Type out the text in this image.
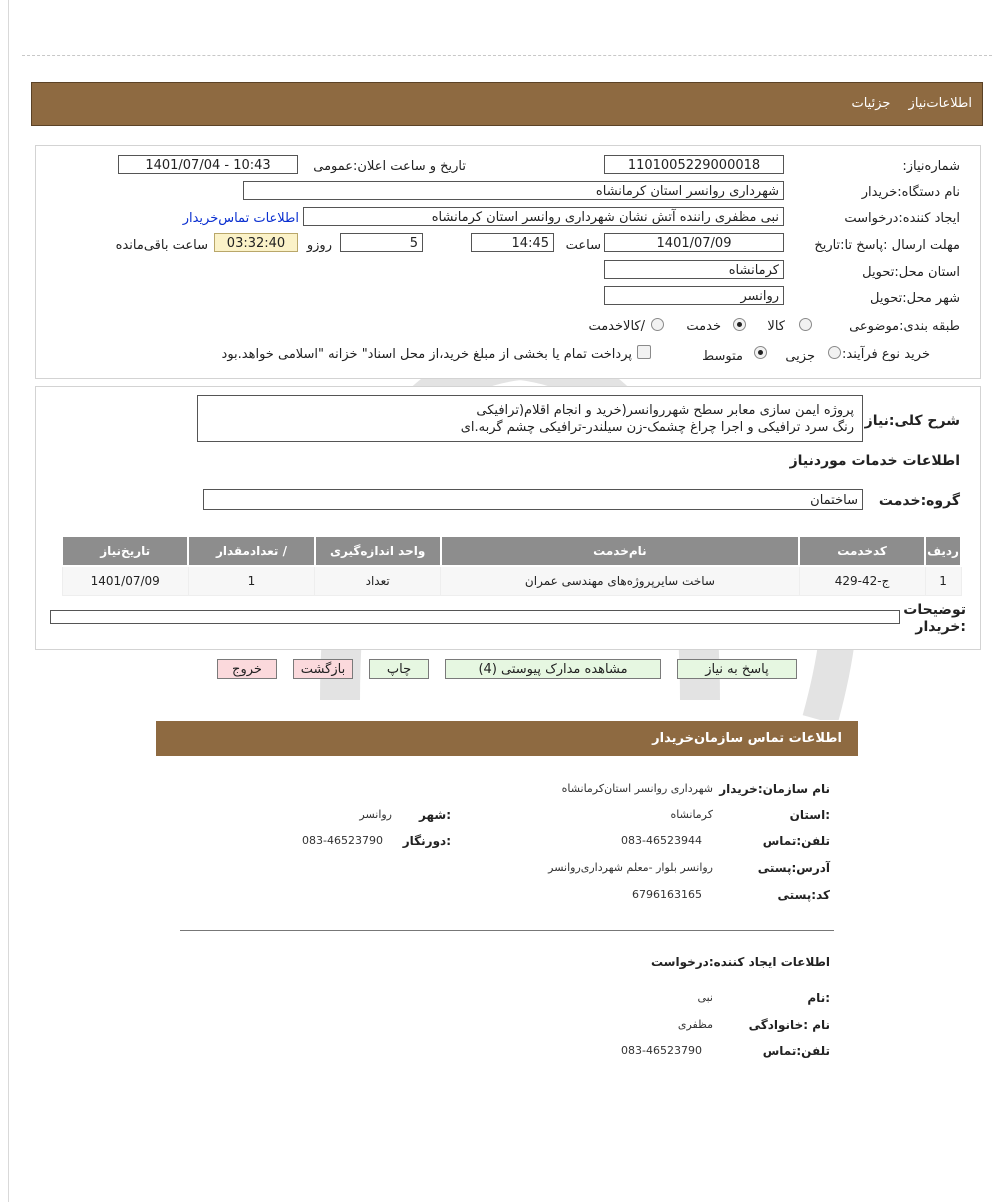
اطلاعات‌نیاز جزئیات
شماره‌نیاز:
1101005229000018
تاریخ و ساعت اعلان:عمومی
1401/07/04 - 10:43
نام دستگاه:خریدار
شهرداری روانسر استان کرمانشاه
ایجاد کننده:درخواست
نبی مظفری راننده آتش نشان شهرداری روانسر استان کرمانشاه
اطلاعات تماس‌خریدار
مهلت ارسال :پاسخ تا:تاریخ
1401/07/09
ساعت
14:45
5
روزو
03:32:40
ساعت باقی‌مانده
استان محل:تحویل
کرمانشاه
شهر محل:تحویل
روانسر
طبقه بندی:موضوعی
کالا
خدمت
/کالاخدمت
نوع فرآیند: خرید
جزیی
متوسط
پرداخت تمام یا بخشی از مبلغ خرید،از محل اسناد" خزانه "اسلامی خواهد.بود
شرح کلی:نیاز
پروژه ایمن سازی معابر سطح شهرروانسر(خرید و انجام اقلام(ترافیکی
رنگ سرد ترافیکی و اجرا چراغ چشمک-زن سیلندر-ترافیکی چشم گربه.ای
اطلاعات خدمات موردنیاز
گروه:خدمت
ساختمان
ردیف	کدخدمت	نام‌خدمت	واحد اندازه‌گیری	/ تعدادمقدار	تاریخ‌نیاز
1	ج-42-429	ساخت سایرپروژه‌های مهندسی عمران	تعداد	1	1401/07/09
توضیحات :خریدار
پاسخ به نیاز
مشاهده مدارک پیوستی (4)
چاپ
بازگشت
خروج
اطلاعات تماس سازمان‌خریدار
نام سازمان:خریدار
شهرداری روانسر استان‌کرمانشاه
:استان
کرمانشاه
:شهر
روانسر
تلفن:تماس
083-46523944
:دورنگار
083-46523790
آدرس:پستی
روانسر بلوار -معلم شهرداری‌روانسر
کد:پستی
6796163165
اطلاعات ایجاد کننده:درخواست
:نام
نبی
نام :خانوادگی
مظفری
تلفن:تماس
083-46523790
